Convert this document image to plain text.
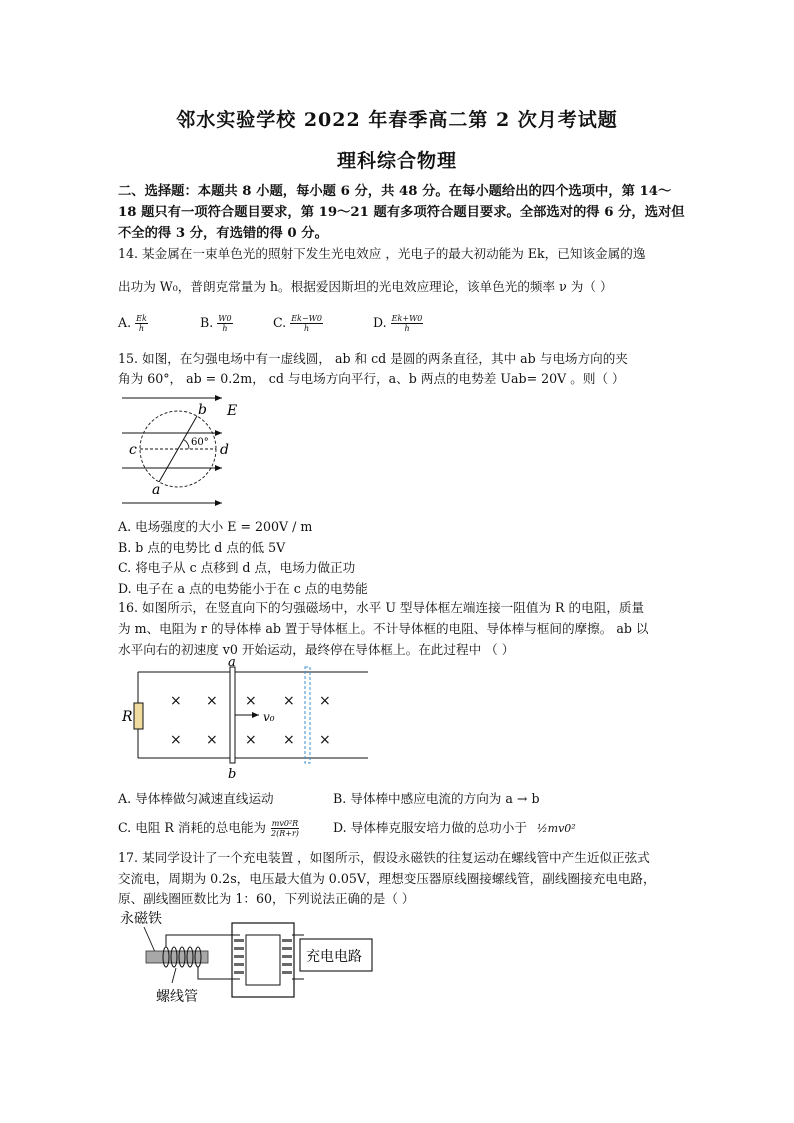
邻水实验学校 2022 年春季高二第 2 次月考试题
理科综合物理
二、选择题：本题共 8 小题，每小题 6 分，共 48 分。在每小题给出的四个选项中，第 14～
18 题只有一项符合题目要求，第 19～21 题有多项符合题目要求。全部选对的得 6 分，选对但
不全的得 3 分，有选错的得 0 分。
14. 某金属在一束单色光的照射下发生光电效应 ，光电子的最大初动能为 Ek，已知该金属的逸
出功为 W₀，普朗克常量为 h。根据爱因斯坦的光电效应理论，该单色光的频率 ν 为（ ）
A. $\frac{Ek}{h}$	B. $\frac{W0}{h}$	C. $\frac{Ek-W0}{h}$	D. $\frac{Ek+W0}{h}$
15. 如图，在匀强电场中有一虚线圆， ab 和 cd 是圆的两条直径，其中 ab 与电场方向的夹
角为 60°， ab = 0.2m， cd 与电场方向平行，a、b 两点的电势差 Uab= 20V 。则（ ）
b E
60°
c	d
a
A. 电场强度的大小 E = 200V / m
B. b 点的电势比 d 点的低 5V
C. 将电子从 c 点移到 d 点，电场力做正功
D. 电子在 a 点的电势能小于在 c 点的电势能
16. 如图所示，在竖直向下的匀强磁场中，水平 U 型导体框左端连接一阻值为 R 的电阻，质量
为 m、电阻为 r 的导体棒 ab 置于导体框上。不计导体框的电阻、导体棒与框间的摩擦。 ab 以
水平向右的初速度 v0 开始运动，最终停在导体框上。在此过程中 （ ）
R
a
b
v₀
× × × × ×
× × × × ×
A. 导体棒做匀减速直线运动	B. 导体棒中感应电流的方向为 a → b
C. 电阻 R 消耗的总电能为 $\frac{\text{mv0²R}}{2(R+r)}$	D. 导体棒克服安培力做的总功小于 ½mv0²
17. 某同学设计了一个充电装置 ，如图所示，假设永磁铁的往复运动在螺线管中产生近似正弦式
交流电，周期为 0.2s，电压最大值为 0.05V，理想变压器原线圈接螺线管，副线圈接充电电路，
原、副线圈匝数比为 1：60，下列说法正确的是（ ）
永磁铁
螺线管
充电电路
